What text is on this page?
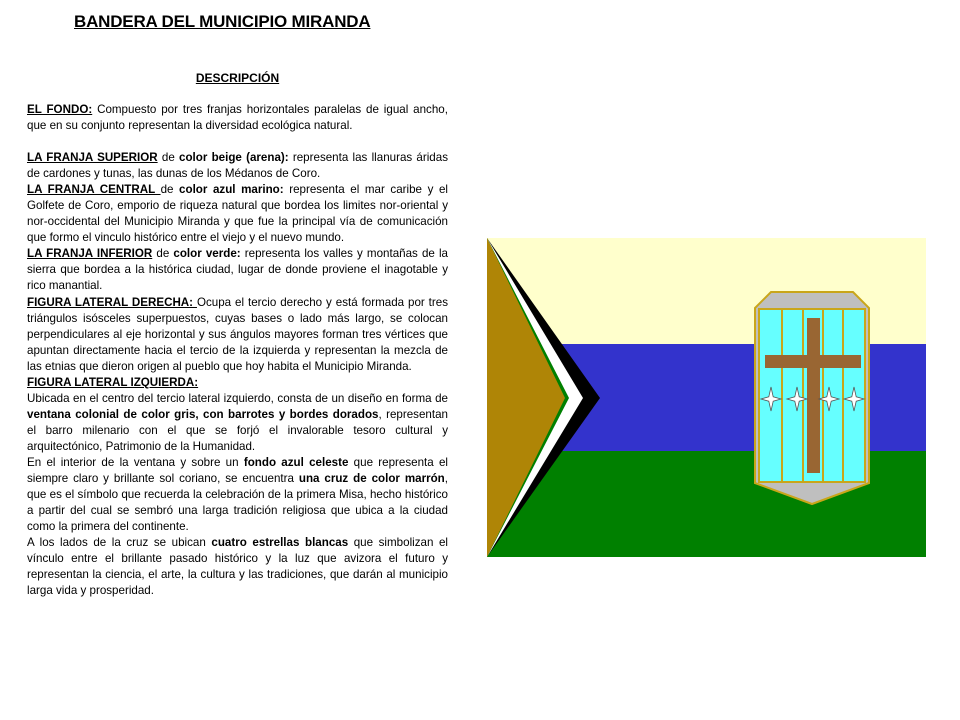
BANDERA DEL MUNICIPIO MIRANDA
DESCRIPCIÓN

EL FONDO: Compuesto por tres franjas horizontales paralelas de igual ancho, que en su conjunto representan la diversidad ecológica natural.

LA FRANJA SUPERIOR de color beige (arena): representa las llanuras áridas de cardones y tunas, las dunas de los Médanos de Coro.

LA FRANJA CENTRAL de color azul marino: representa el mar caribe y el Golfete de Coro, emporio de riqueza natural que bordea los limites nor-oriental y nor-occidental del Municipio Miranda y que fue la principal vía de comunicación que formo el vinculo histórico entre el viejo y el nuevo mundo.

LA FRANJA INFERIOR de color verde: representa los valles y montañas de la sierra que bordea a la histórica ciudad, lugar de donde proviene el inagotable y rico manantial.

FIGURA LATERAL DERECHA: Ocupa el tercio derecho y está formada por tres triángulos isósceles superpuestos, cuyas bases o lado más largo, se colocan perpendiculares al eje horizontal y sus ángulos mayores forman tres vértices que apuntan directamente hacia el tercio de la izquierda y representan la mezcla de las etnias que dieron origen al pueblo que hoy habita el Municipio Miranda.

FIGURA LATERAL IZQUIERDA:

Ubicada en el centro del tercio lateral izquierdo, consta de un diseño en forma de ventana colonial de color gris, con barrotes y bordes dorados, representan el barro milenario con el que se forjó el invalorable tesoro cultural y arquitectónico, Patrimonio de la Humanidad.

En el interior de la ventana y sobre un fondo azul celeste que representa el siempre claro y brillante sol coriano, se encuentra una cruz de color marrón, que es el símbolo que recuerda la celebración de la primera Misa, hecho histórico a partir del cual se sembró una larga tradición religiosa que ubica a la ciudad como la primera del continente.

A los lados de la cruz se ubican cuatro estrellas blancas que simbolizan el vínculo entre el brillante pasado histórico y la luz que avizora el futuro y representan la ciencia, el arte, la cultura y las tradiciones, que darán al municipio larga vida y prosperidad.
